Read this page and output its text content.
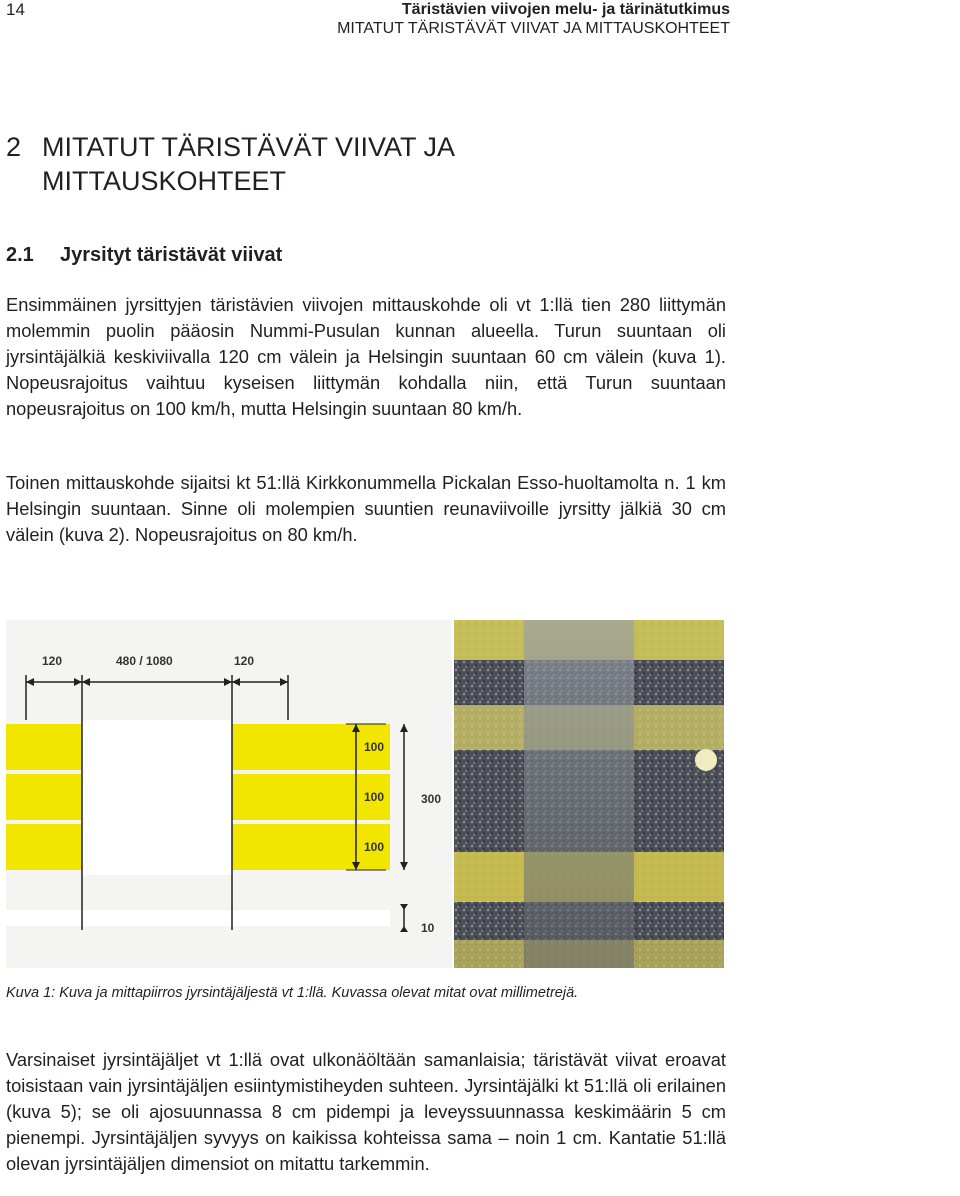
14	Täristävien viivojen melu- ja tärinätutkimus
MITATUT TÄRISTÄVÄT VIIVAT JA MITTAUSKOHTEET
2 MITATUT TÄRISTÄVÄT VIIVAT JA
MITTAUSKOHTEET
2.1 Jyrsityt täristävät viivat

Ensimmäinen jyrsittyjen täristävien viivojen mittauskohde oli vt 1:llä tien 280 liittymän molemmin puolin pääosin Nummi-Pusulan kunnan alueella. Turun suuntaan oli jyrsintäjälkiä keskiviivalla 120 cm välein ja Helsingin suuntaan 60 cm välein (kuva 1). Nopeusrajoitus vaihtuu kyseisen liittymän kohdalla niin, että Turun suuntaan nopeusrajoitus on 100 km/h, mutta Helsingin suuntaan 80 km/h.

Toinen mittauskohde sijaitsi kt 51:llä Kirkkonummella Pickalan Esso-huoltamolta n. 1 km Helsingin suuntaan. Sinne oli molempien suuntien reunaviivoille jyrsitty jälkiä 30 cm välein (kuva 2). Nopeusrajoitus on 80 km/h.

120	480 / 1080	120
100
100
100
300
10

Kuva 1: Kuva ja mittapiirros jyrsintäjäljestä vt 1:llä. Kuvassa olevat mitat ovat millimetrejä.

Varsinaiset jyrsintäjäljet vt 1:llä ovat ulkonäöltään samanlaisia; täristävät viivat eroavat toisistaan vain jyrsintäjäljen esiintymistiheyden suhteen. Jyrsintäjälki kt 51:llä oli erilainen (kuva 5); se oli ajosuunnassa 8 cm pidempi ja leveyssuunnassa keskimäärin 5 cm pienempi. Jyrsintäjäljen syvyys on kaikissa kohteissa sama – noin 1 cm. Kantatie 51:llä olevan jyrsintäjäljen dimensiot on mitattu tarkemmin.
